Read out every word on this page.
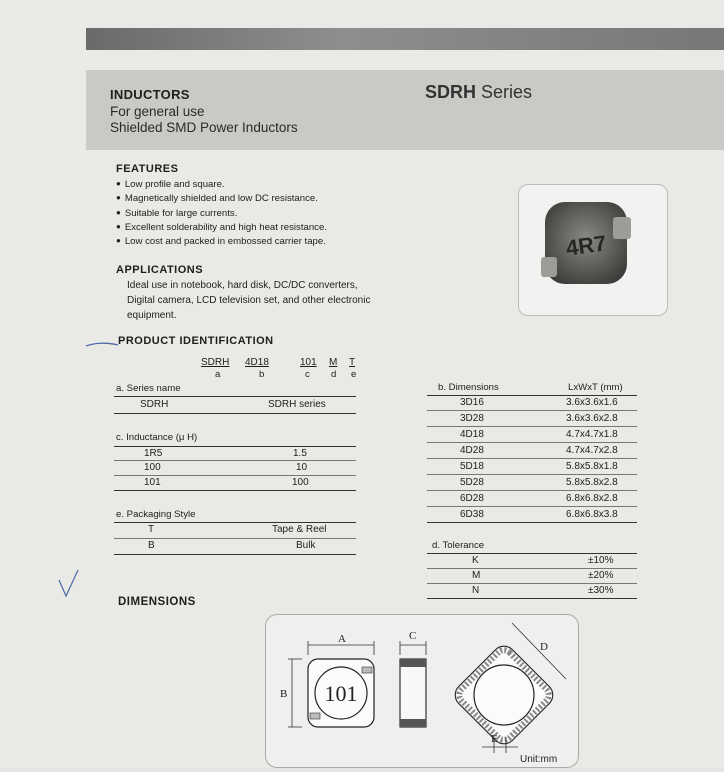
INDUCTORS
For general use
Shielded SMD Power Inductors
SDRH Series
FEATURES
● Low profile and square.
● Magnetically shielded and low DC resistance.
● Suitable for large currents.
● Excellent solderability and high heat resistance.
● Low cost and packed in embossed carrier tape.
APPLICATIONS
Ideal use in notebook, hard disk, DC/DC converters,
Digital camera, LCD television set, and other electronic
equipment.
4R7
PRODUCT IDENTIFICATION
SDRH 4D18	101 M T
a	b	c d e
a. Series name
SDRH	SDRH series
c. Inductance (μ H)
1R5	1.5
100	10
101	100
e. Packaging Style
T	Tape & Reel
B	Bulk
b. Dimensions	LxWxT (mm)
3D16	3.6x3.6x1.6
3D28	3.6x3.6x2.8
4D18	4.7x4.7x1.8
4D28	4.7x4.7x2.8
5D18	5.8x5.8x1.8
5D28	5.8x5.8x2.8
6D28	6.8x6.8x2.8
6D38	6.8x6.8x3.8
d. Tolerance
K	±10%
M	±20%
N	±30%
DIMENSIONS
A
B 101
C
D
E
Unit:mm
